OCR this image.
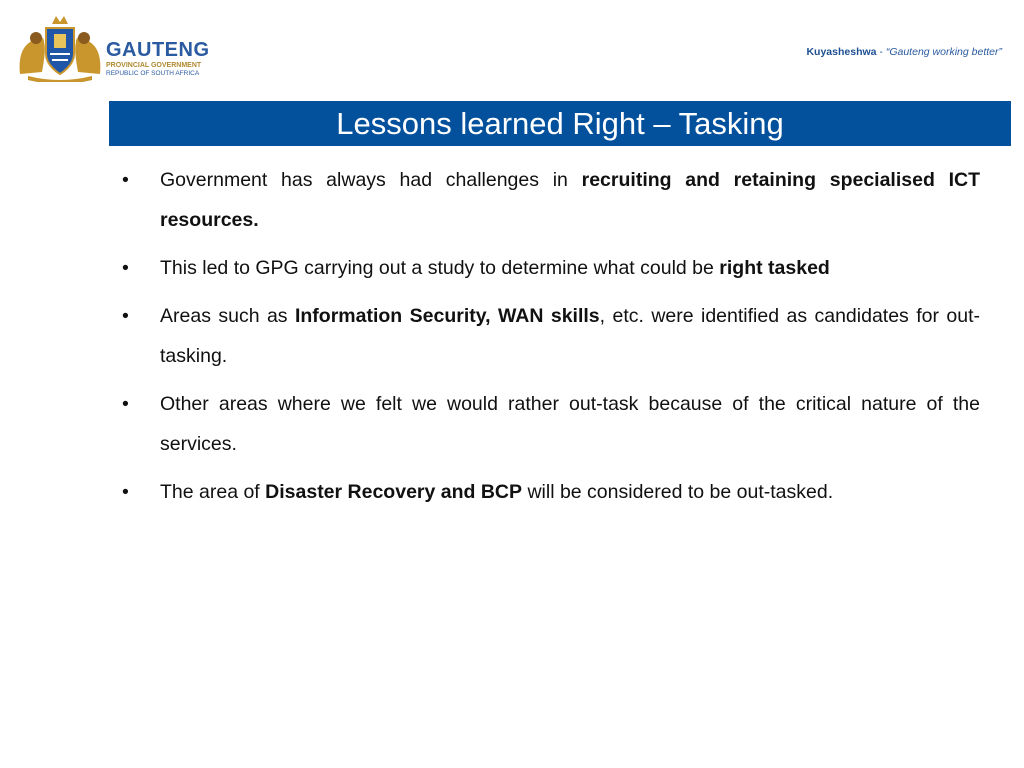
GAUTENG
PROVINCIAL GOVERNMENT
REPUBLIC OF SOUTH AFRICA
Kuyasheshwa - “Gauteng working better”
Lessons learned Right – Tasking
• Government has always had challenges in recruiting and retaining specialised ICT resources.
• This led to GPG carrying out a study to determine what could be right tasked
• Areas such as Information Security, WAN skills, etc. were identified as candidates for out-tasking.
• Other areas where we felt we would rather out-task because of the critical nature of the services.
• The area of Disaster Recovery and BCP will be considered to be out-tasked.
